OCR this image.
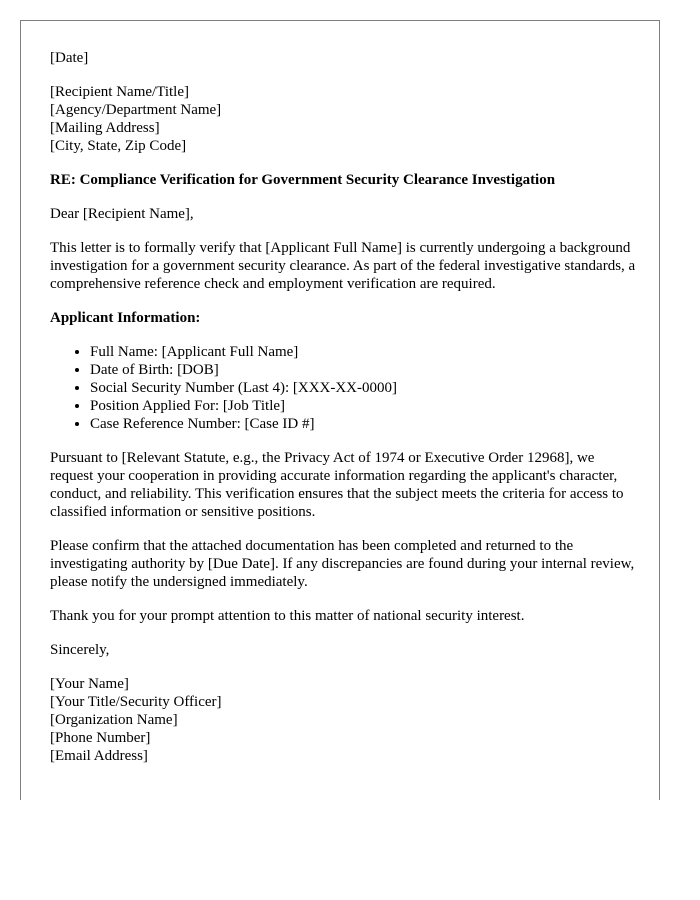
[Date]

[Recipient Name/Title]
[Agency/Department Name]
[Mailing Address]
[City, State, Zip Code]

RE: Compliance Verification for Government Security Clearance Investigation

Dear [Recipient Name],

This letter is to formally verify that [Applicant Full Name] is currently undergoing a background investigation for a government security clearance. As part of the federal investigative standards, a comprehensive reference check and employment verification are required.

Applicant Information:

• Full Name: [Applicant Full Name]
• Date of Birth: [DOB]
• Social Security Number (Last 4): [XXX-XX-0000]
• Position Applied For: [Job Title]
• Case Reference Number: [Case ID #]

Pursuant to [Relevant Statute, e.g., the Privacy Act of 1974 or Executive Order 12968], we request your cooperation in providing accurate information regarding the applicant's character, conduct, and reliability. This verification ensures that the subject meets the criteria for access to classified information or sensitive positions.

Please confirm that the attached documentation has been completed and returned to the investigating authority by [Due Date]. If any discrepancies are found during your internal review, please notify the undersigned immediately.

Thank you for your prompt attention to this matter of national security interest.

Sincerely,

[Your Name]
[Your Title/Security Officer]
[Organization Name]
[Phone Number]
[Email Address]
